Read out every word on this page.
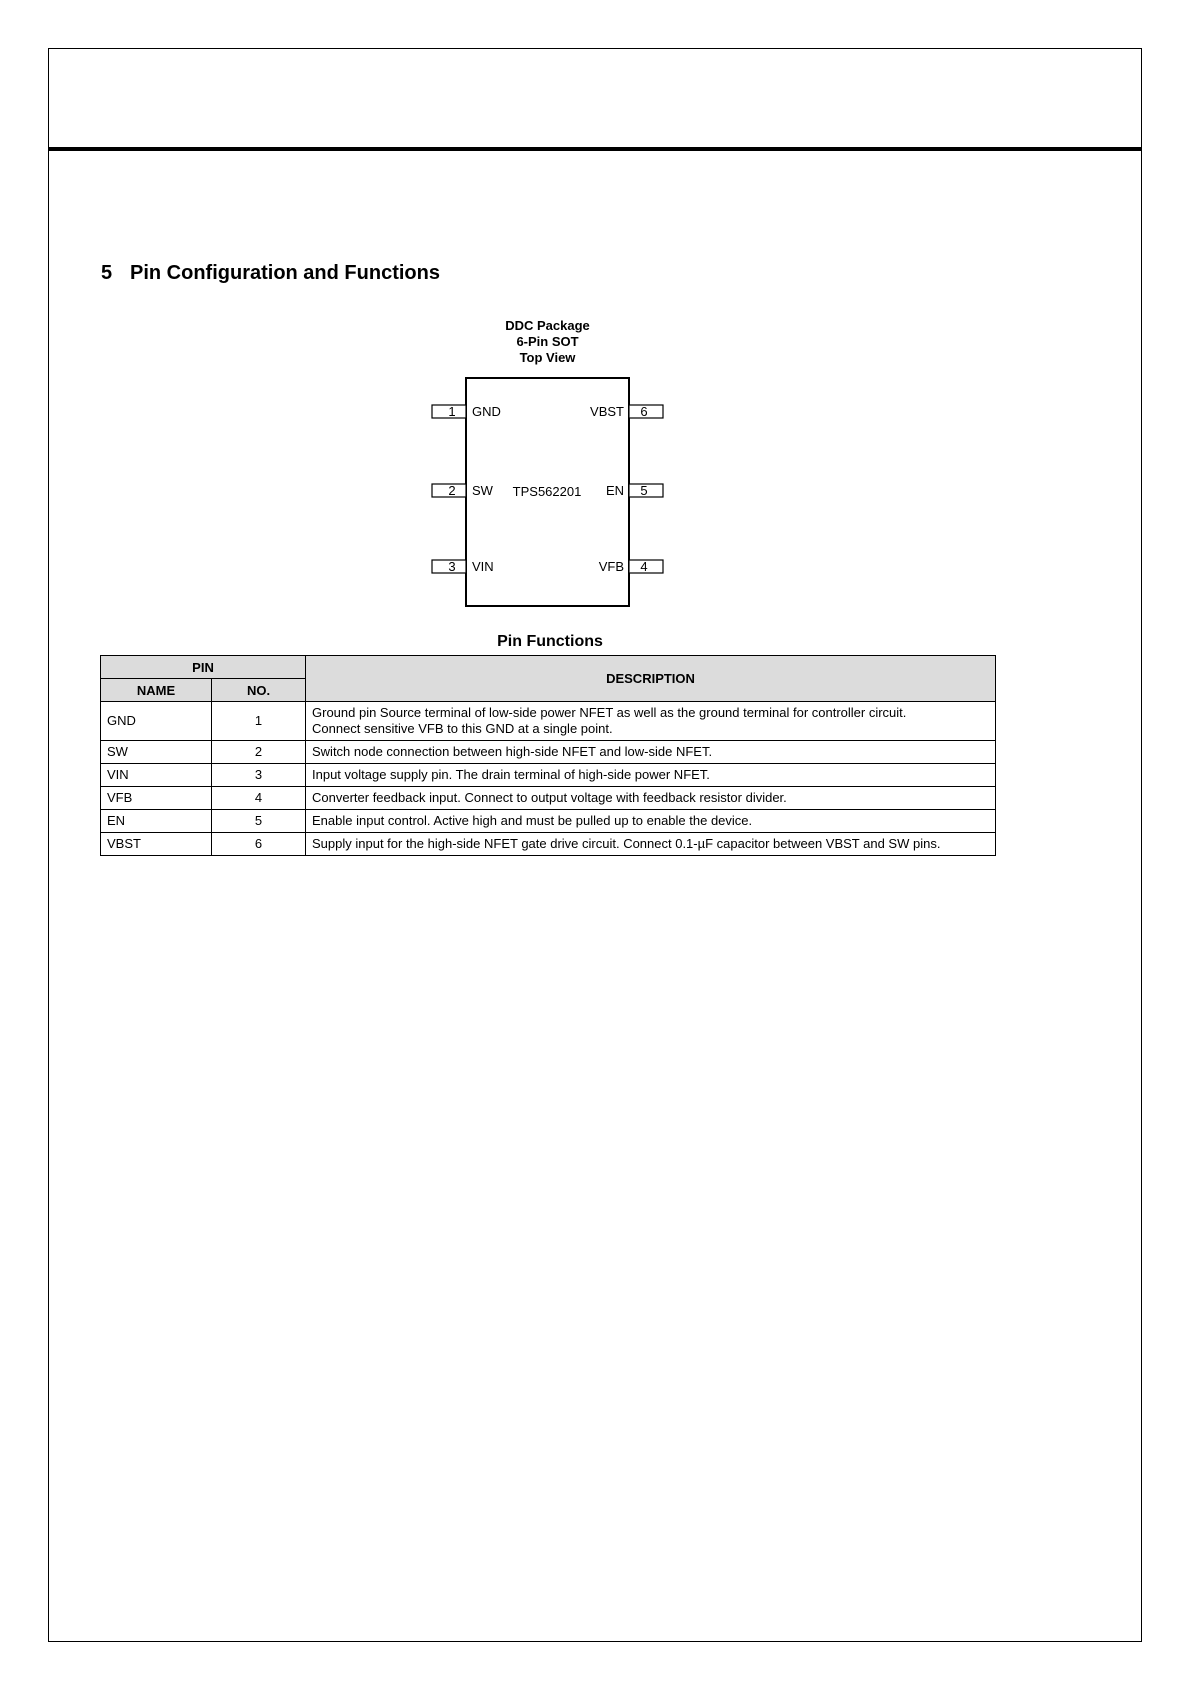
5 Pin Configuration and Functions
DDC Package
6-Pin SOT
Top View
1
2
3
6
5
4
GND
SW
VIN
VBST
EN
VFB
TPS562201
Pin Functions
PIN		DESCRIPTION
NAME	NO.	
GND	1	Ground pin Source terminal of low-side power NFET as well as the ground terminal for controller circuit.
Connect sensitive VFB to this GND at a single point.

SW	2	Switch node connection between high-side NFET and low-side NFET.
VIN	3	Input voltage supply pin. The drain terminal of high-side power NFET.
VFB	4	Converter feedback input. Connect to output voltage with feedback resistor divider.
EN	5	Enable input control. Active high and must be pulled up to enable the device.
VBST	6	Supply input for the high-side NFET gate drive circuit. Connect 0.1-µF capacitor between VBST and SW pins.
